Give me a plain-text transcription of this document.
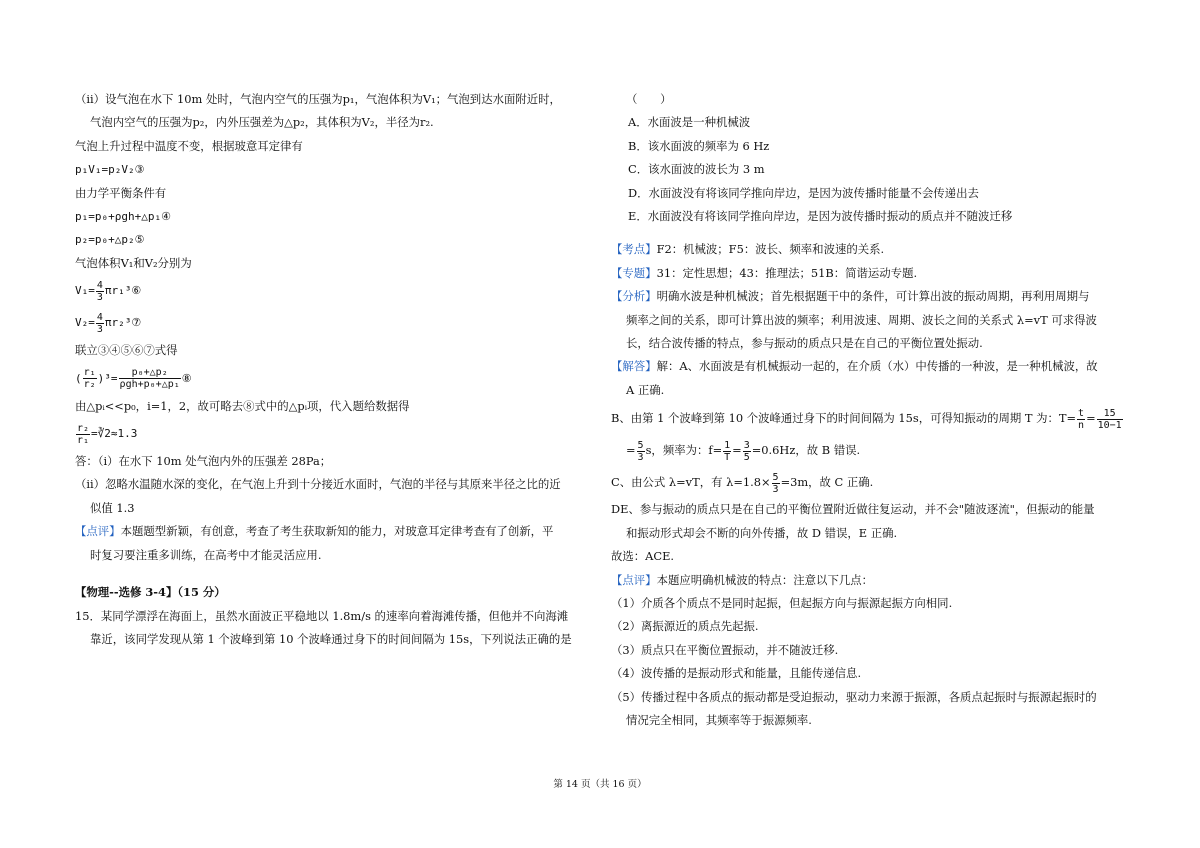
（ii）设气泡在水下 10m 处时，气泡内空气的压强为p₁，气泡体积为V₁；气泡到达水面附近时，
气泡内空气的压强为p₂，内外压强差为△p₂，其体积为V₂，半径为r₂.
气泡上升过程中温度不变，根据玻意耳定律有
p₁V₁=p₂V₂③
由力学平衡条件有
p₁=p₀+ρgh+△p₁④
p₂=p₀+△p₂⑤
气泡体积V₁和V₂分别为
$V_1= \frac{4}{3}$ πr₁³⑥
$V_2= \frac{4}{3}$ πr₂³⑦
联立③④⑤⑥⑦式得
( $\frac{\text{r₁}}{\text{r₂}} )^3= \frac{\text{p₀+△p₂}}{\text{ρgh+p₀+△p₁}}$ ⑧
由△pᵢ<<p₀，i=1，2，故可略去⑧式中的△pᵢ项，代入题给数据得
$\frac{\text{r₂}}{\text{r₁}}$ =∛2≈1.3
答：（i）在水下 10m 处气泡内外的压强差 28Pa；
（ii）忽略水温随水深的变化，在气泡上升到十分接近水面时，气泡的半径与其原来半径之比的近
似值 1.3
【点评】本题题型新颖，有创意，考查了考生获取新知的能力，对玻意耳定律考查有了创新，平
时复习要注重多训练，在高考中才能灵活应用.
【物理--选修 3-4】（15 分）
15．某同学漂浮在海面上，虽然水面波正平稳地以 1.8m/s 的速率向着海滩传播，但他并不向海滩
靠近，该同学发现从第 1 个波峰到第 10 个波峰通过身下的时间间隔为 15s，下列说法正确的是
（　　）
A．水面波是一种机械波
B．该水面波的频率为 6 Hz
C．该水面波的波长为 3 m
D．水面波没有将该同学推向岸边，是因为波传播时能量不会传递出去
E．水面波没有将该同学推向岸边，是因为波传播时振动的质点并不随波迁移
【考点】F2：机械波；F5：波长、频率和波速的关系.
【专题】31：定性思想；43：推理法；51B：简谐运动专题.
【分析】明确水波是种机械波；首先根据题干中的条件，可计算出波的振动周期，再利用周期与
频率之间的关系，即可计算出波的频率；利用波速、周期、波长之间的关系式 λ=vT 可求得波
长，结合波传播的特点，参与振动的质点只是在自己的平衡位置处振动.
【解答】解：A、水面波是有机械振动一起的，在介质（水）中传播的一种波，是一种机械波，故
A 正确.
B、由第 1 个波峰到第 10 个波峰通过身下的时间间隔为 15s，可得知振动的周期 T 为：$T= \frac{t}{n} = \frac{15}{10-1}$
= $\frac{5}{3}$ s，频率为：$f= \frac{1}{T} = \frac{3}{5} =0.6Hz$，故 B 错误.
C、由公式 λ=vT，有 $\lambda=1.8\times \frac{5}{3} =3m$，故 C 正确.
DE、参与振动的质点只是在自己的平衡位置附近做往复运动，并不会"随波逐流"，但振动的能量
和振动形式却会不断的向外传播，故 D 错误，E 正确.
故选：ACE.
【点评】本题应明确机械波的特点：注意以下几点：
（1）介质各个质点不是同时起振，但起振方向与振源起振方向相同.
（2）离振源近的质点先起振.
（3）质点只在平衡位置振动，并不随波迁移.
（4）波传播的是振动形式和能量，且能传递信息.
（5）传播过程中各质点的振动都是受迫振动，驱动力来源于振源，各质点起振时与振源起振时的
情况完全相同，其频率等于振源频率.
第 14 页（共 16 页）
